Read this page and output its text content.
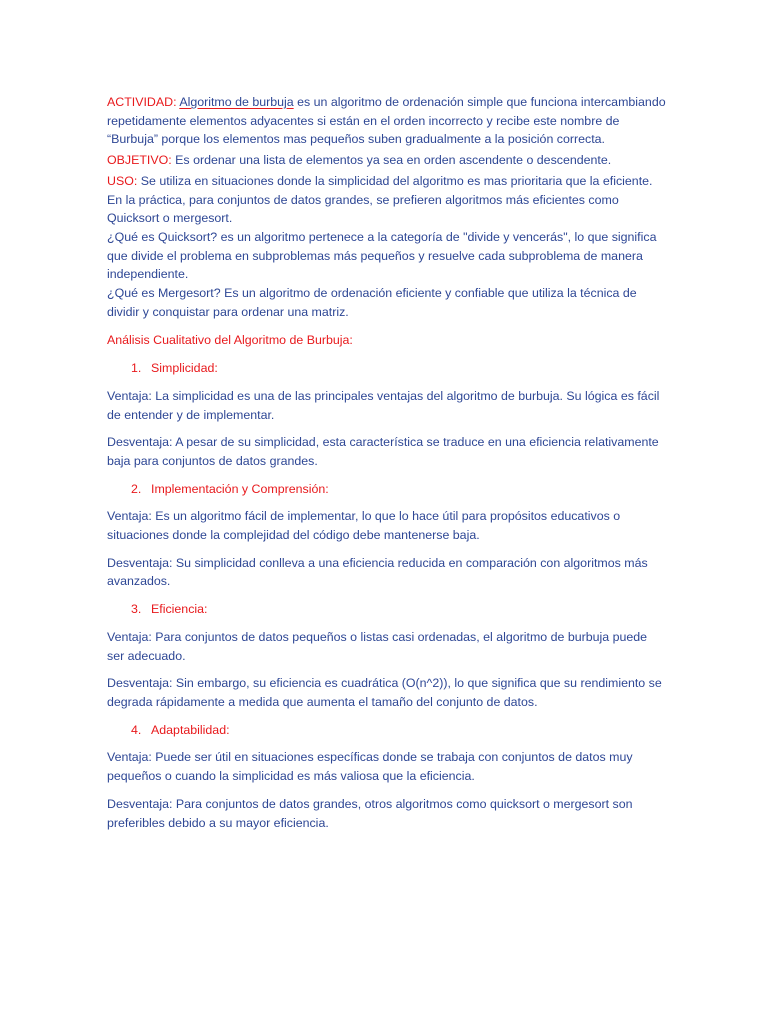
ACTIVIDAD: Algoritmo de burbuja es un algoritmo de ordenación simple que funciona intercambiando repetidamente elementos adyacentes si están en el orden incorrecto y recibe este nombre de “Burbuja” porque los elementos mas pequeños suben gradualmente a la posición correcta.

OBJETIVO: Es ordenar una lista de elementos ya sea en orden ascendente o descendente.

USO: Se utiliza en situaciones donde la simplicidad del algoritmo es mas prioritaria que la eficiente. En la práctica, para conjuntos de datos grandes, se prefieren algoritmos más eficientes como Quicksort o mergesort.

¿Qué es Quicksort? es un algoritmo pertenece a la categoría de "divide y vencerás", lo que significa que divide el problema en subproblemas más pequeños y resuelve cada subproblema de manera independiente.

¿Qué es Mergesort? Es un algoritmo de ordenación eficiente y confiable que utiliza la técnica de dividir y conquistar para ordenar una matriz.

Análisis Cualitativo del Algoritmo de Burbuja:

1. Simplicidad:

Ventaja: La simplicidad es una de las principales ventajas del algoritmo de burbuja. Su lógica es fácil de entender y de implementar.

Desventaja: A pesar de su simplicidad, esta característica se traduce en una eficiencia relativamente baja para conjuntos de datos grandes.

2. Implementación y Comprensión:

Ventaja: Es un algoritmo fácil de implementar, lo que lo hace útil para propósitos educativos o situaciones donde la complejidad del código debe mantenerse baja.

Desventaja: Su simplicidad conlleva a una eficiencia reducida en comparación con algoritmos más avanzados.

3. Eficiencia:

Ventaja: Para conjuntos de datos pequeños o listas casi ordenadas, el algoritmo de burbuja puede ser adecuado.

Desventaja: Sin embargo, su eficiencia es cuadrática (O(n^2)), lo que significa que su rendimiento se degrada rápidamente a medida que aumenta el tamaño del conjunto de datos.

4. Adaptabilidad:

Ventaja: Puede ser útil en situaciones específicas donde se trabaja con conjuntos de datos muy pequeños o cuando la simplicidad es más valiosa que la eficiencia.

Desventaja: Para conjuntos de datos grandes, otros algoritmos como quicksort o mergesort son preferibles debido a su mayor eficiencia.
